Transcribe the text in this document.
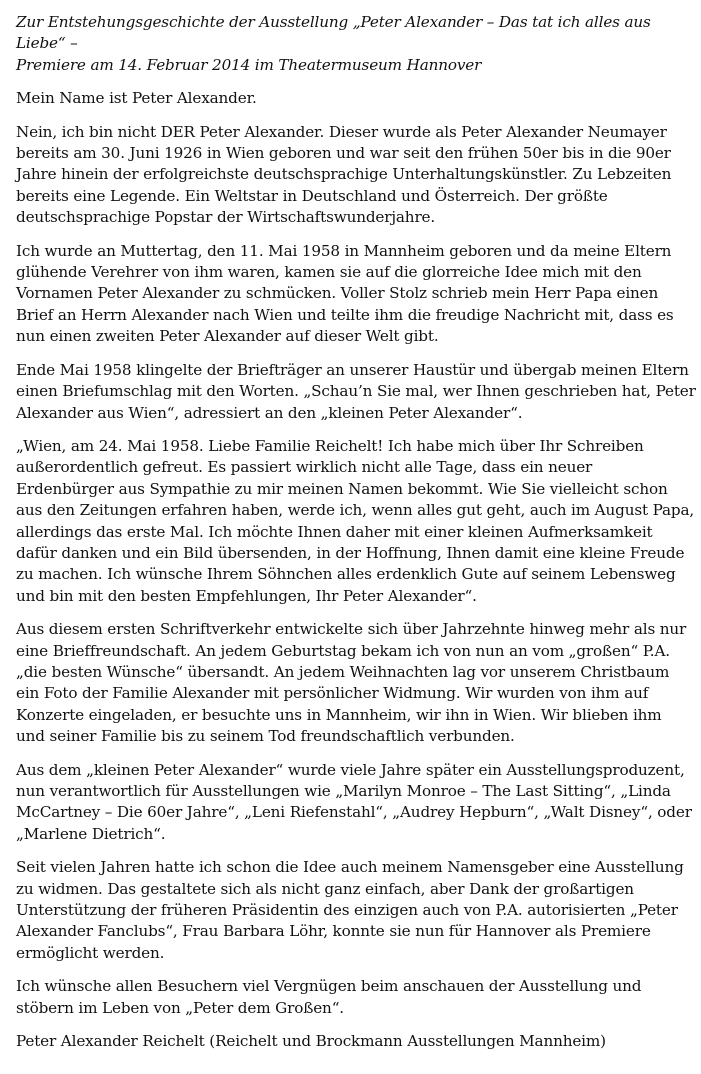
Zur Entstehungsgeschichte der Ausstellung „Peter Alexander – Das tat ich alles aus Liebe“ –
Premiere am 14. Februar 2014 im Theatermuseum Hannover

Mein Name ist Peter Alexander.

Nein, ich bin nicht DER Peter Alexander. Dieser wurde als Peter Alexander Neumayer
bereits am 30. Juni 1926 in Wien geboren und war seit den frühen 50er bis in die 90er
Jahre hinein der erfolgreichste deutschsprachige Unterhaltungskünstler. Zu Lebzeiten
bereits eine Legende. Ein Weltstar in Deutschland und Österreich. Der größte
deutschsprachige Popstar der Wirtschaftswunderjahre.

Ich wurde an Muttertag, den 11. Mai 1958 in Mannheim geboren und da meine Eltern
glühende Verehrer von ihm waren, kamen sie auf die glorreiche Idee mich mit den
Vornamen Peter Alexander zu schmücken. Voller Stolz schrieb mein Herr Papa einen
Brief an Herrn Alexander nach Wien und teilte ihm die freudige Nachricht mit, dass es
nun einen zweiten Peter Alexander auf dieser Welt gibt.

Ende Mai 1958 klingelte der Briefträger an unserer Haustür und übergab meinen Eltern
einen Briefumschlag mit den Worten. „Schau’n Sie mal, wer Ihnen geschrieben hat, Peter
Alexander aus Wien“, adressiert an den „kleinen Peter Alexander“.

„Wien, am 24. Mai 1958. Liebe Familie Reichelt! Ich habe mich über Ihr Schreiben
außerordentlich gefreut. Es passiert wirklich nicht alle Tage, dass ein neuer
Erdenbürger aus Sympathie zu mir meinen Namen bekommt. Wie Sie vielleicht schon
aus den Zeitungen erfahren haben, werde ich, wenn alles gut geht, auch im August Papa,
allerdings das erste Mal. Ich möchte Ihnen daher mit einer kleinen Aufmerksamkeit
dafür danken und ein Bild übersenden, in der Hoffnung, Ihnen damit eine kleine Freude
zu machen. Ich wünsche Ihrem Söhnchen alles erdenklich Gute auf seinem Lebensweg
und bin mit den besten Empfehlungen, Ihr Peter Alexander“.

Aus diesem ersten Schriftverkehr entwickelte sich über Jahrzehnte hinweg mehr als nur
eine Brieffreundschaft. An jedem Geburtstag bekam ich von nun an vom „großen“ P.A.
„die besten Wünsche“ übersandt. An jedem Weihnachten lag vor unserem Christbaum
ein Foto der Familie Alexander mit persönlicher Widmung. Wir wurden von ihm auf
Konzerte eingeladen, er besuchte uns in Mannheim, wir ihn in Wien. Wir blieben ihm
und seiner Familie bis zu seinem Tod freundschaftlich verbunden.

Aus dem „kleinen Peter Alexander“ wurde viele Jahre später ein Ausstellungsproduzent,
nun verantwortlich für Ausstellungen wie „Marilyn Monroe – The Last Sitting“, „Linda
McCartney – Die 60er Jahre“, „Leni Riefenstahl“, „Audrey Hepburn“, „Walt Disney“, oder
„Marlene Dietrich“.

Seit vielen Jahren hatte ich schon die Idee auch meinem Namensgeber eine Ausstellung
zu widmen. Das gestaltete sich als nicht ganz einfach, aber Dank der großartigen
Unterstützung der früheren Präsidentin des einzigen auch von P.A. autorisierten „Peter
Alexander Fanclubs“, Frau Barbara Löhr, konnte sie nun für Hannover als Premiere
ermöglicht werden.

Ich wünsche allen Besuchern viel Vergnügen beim anschauen der Ausstellung und
stöbern im Leben von „Peter dem Großen“.

Peter Alexander Reichelt (Reichelt und Brockmann Ausstellungen Mannheim)
